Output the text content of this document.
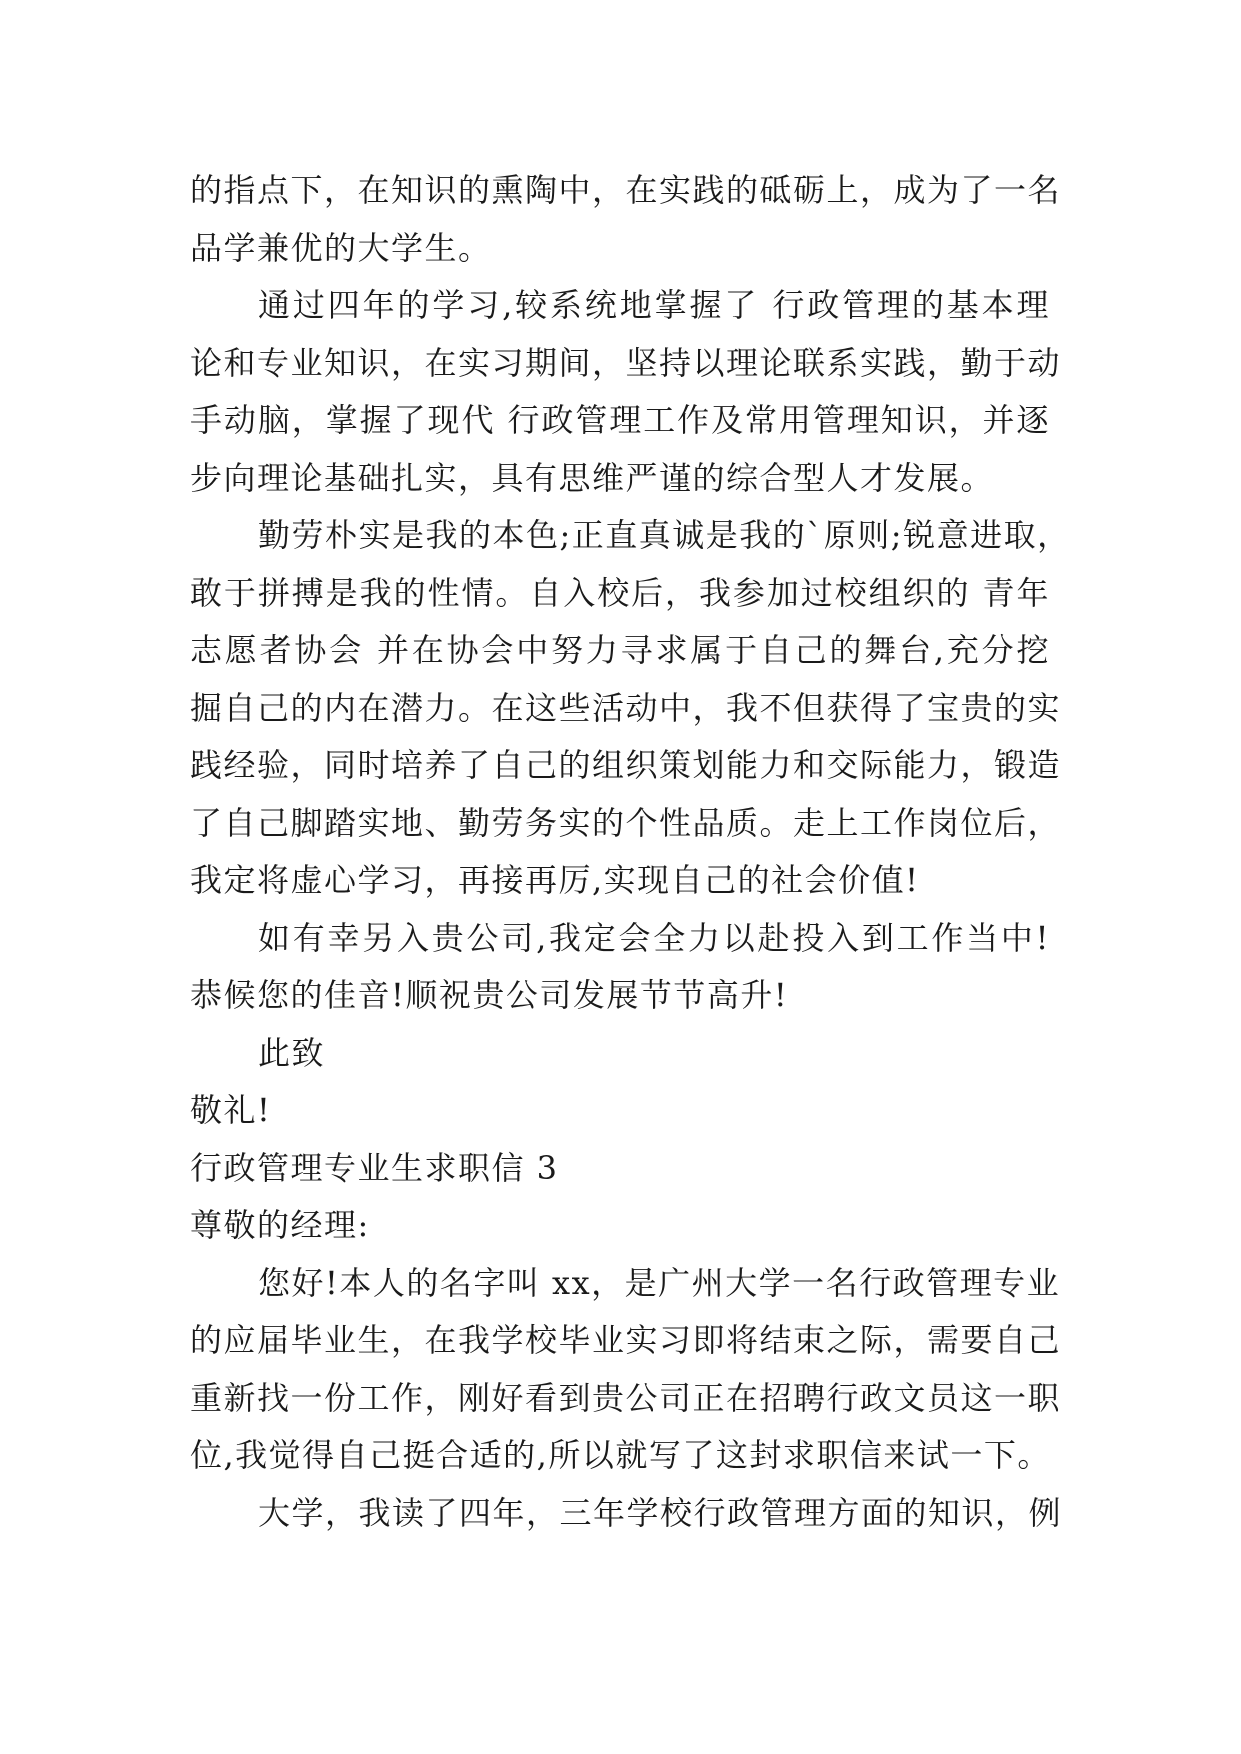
的指点下，在知识的熏陶中，在实践的砥砺上，成为了一名
品学兼优的大学生。
通过四年的学习,较系统地掌握了 行政管理的基本理
论和专业知识，在实习期间，坚持以理论联系实践，勤于动
手动脑，掌握了现代 行政管理工作及常用管理知识，并逐
步向理论基础扎实，具有思维严谨的综合型人才发展。
勤劳朴实是我的本色;正直真诚是我的`原则;锐意进取，
敢于拼搏是我的性情。自入校后，我参加过校组织的 青年
志愿者协会 并在协会中努力寻求属于自己的舞台,充分挖
掘自己的内在潜力。在这些活动中，我不但获得了宝贵的实
践经验，同时培养了自己的组织策划能力和交际能力，锻造
了自己脚踏实地、勤劳务实的个性品质。走上工作岗位后，
我定将虚心学习，再接再厉,实现自己的社会价值!
如有幸另入贵公司,我定会全力以赴投入到工作当中!
恭候您的佳音!顺祝贵公司发展节节高升!
此致
敬礼!
行政管理专业生求职信 3
尊敬的经理:
您好!本人的名字叫 xx，是广州大学一名行政管理专业
的应届毕业生，在我学校毕业实习即将结束之际，需要自己
重新找一份工作，刚好看到贵公司正在招聘行政文员这一职
位,我觉得自己挺合适的,所以就写了这封求职信来试一下。
大学，我读了四年，三年学校行政管理方面的知识，例
